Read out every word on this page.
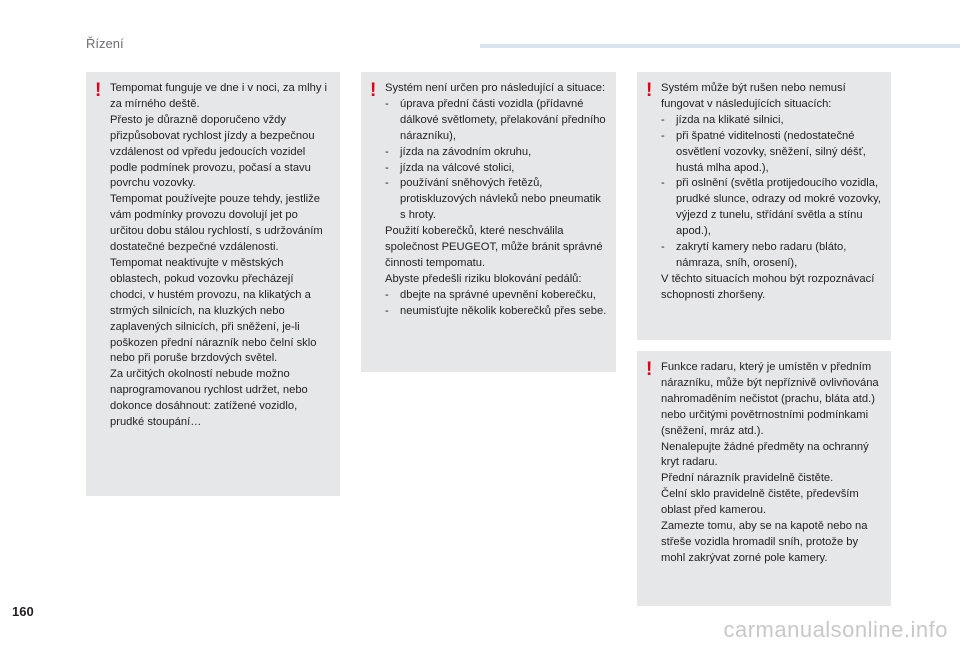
Řízení
! Tempomat funguje ve dne i v noci, za mlhy i za mírného deště.

Přesto je důrazně doporučeno vždy přizpůsobovat rychlost jízdy a bezpečnou vzdálenost od vpředu jedoucích vozidel podle podmínek provozu, počasí a stavu povrchu vozovky.

Tempomat používejte pouze tehdy, jestliže vám podmínky provozu dovolují jet po určitou dobu stálou rychlostí, s udržováním dostatečné bezpečné vzdálenosti.

Tempomat neaktivujte v městských oblastech, pokud vozovku přecházejí chodci, v hustém provozu, na klikatých a strmých silnicích, na kluzkých nebo zaplavených silnicích, při sněžení, je-li poškozen přední nárazník nebo čelní sklo nebo při poruše brzdových světel.

Za určitých okolností nebude možno naprogramovanou rychlost udržet, nebo dokonce dosáhnout: zatížené vozidlo, prudké stoupání…

! Systém není určen pro následující a situace:

- úprava přední části vozidla (přídavné dálkové světlomety, přelakování předního nárazníku),

- jízda na závodním okruhu,

- jízda na válcové stolici,

- používání sněhových řetězů, protiskluzových návleků nebo pneumatik s hroty.

Použití koberečků, které neschválila společnost PEUGEOT, může bránit správné činnosti tempomatu.

Abyste předešli riziku blokování pedálů:

- dbejte na správné upevnění koberečku,

- neumisťujte několik koberečků přes sebe.

! Systém může být rušen nebo nemusí fungovat v následujících situacích:

- jízda na klikaté silnici,

- při špatné viditelnosti (nedostatečné osvětlení vozovky, sněžení, silný déšť, hustá mlha apod.),

- při oslnění (světla protijedoucího vozidla, prudké slunce, odrazy od mokré vozovky, výjezd z tunelu, střídání světla a stínu apod.),

- zakrytí kamery nebo radaru (bláto, námraza, sníh, orosení),

V těchto situacích mohou být rozpoznávací schopnosti zhoršeny.

! Funkce radaru, který je umístěn v předním nárazníku, může být nepříznivě ovlivňována nahromaděním nečistot (prachu, bláta atd.) nebo určitými povětrnostními podmínkami (sněžení, mráz atd.).

Nenalepujte žádné předměty na ochranný kryt radaru.

Přední nárazník pravidelně čistěte.

Čelní sklo pravidelně čistěte, především oblast před kamerou.

Zamezte tomu, aby se na kapotě nebo na střeše vozidla hromadil sníh, protože by mohl zakrývat zorné pole kamery.

160
carmanualsonline.info
